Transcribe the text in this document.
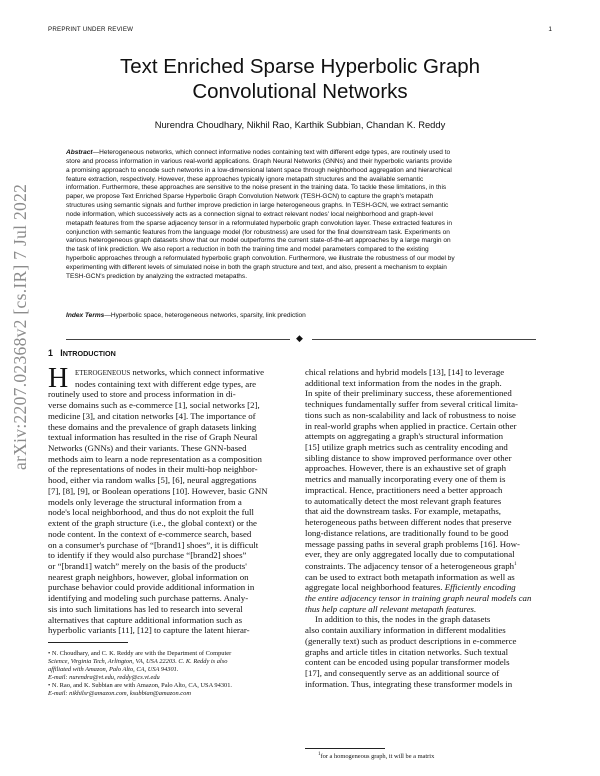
PREPRINT UNDER REVIEW	1
arXiv:2207.02368v2 [cs.IR] 7 Jul 2022
Text Enriched Sparse Hyperbolic Graph
Convolutional Networks
Nurendra Choudhary, Nikhil Rao, Karthik Subbian, Chandan K. Reddy
Abstract—Heterogeneous networks, which connect informative nodes containing text with different edge types, are routinely used to
store and process information in various real-world applications. Graph Neural Networks (GNNs) and their hyperbolic variants provide
a promising approach to encode such networks in a low-dimensional latent space through neighborhood aggregation and hierarchical
feature extraction, respectively. However, these approaches typically ignore metapath structures and the available semantic
information. Furthermore, these approaches are sensitive to the noise present in the training data. To tackle these limitations, in this
paper, we propose Text Enriched Sparse Hyperbolic Graph Convolution Network (TESH-GCN) to capture the graph's metapath
structures using semantic signals and further improve prediction in large heterogeneous graphs. In TESH-GCN, we extract semantic
node information, which successively acts as a connection signal to extract relevant nodes' local neighborhood and graph-level
metapath features from the sparse adjacency tensor in a reformulated hyperbolic graph convolution layer. These extracted features in
conjunction with semantic features from the language model (for robustness) are used for the final downstream task. Experiments on
various heterogeneous graph datasets show that our model outperforms the current state-of-the-art approaches by a large margin on
the task of link prediction. We also report a reduction in both the training time and model parameters compared to the existing
hyperbolic approaches through a reformulated hyperbolic graph convolution. Furthermore, we illustrate the robustness of our model by
experimenting with different levels of simulated noise in both the graph structure and text, and also, present a mechanism to explain
TESH-GCN's prediction by analyzing the extracted metapaths.
Index Terms—Hyperbolic space, heterogeneous networks, sparsity, link prediction
◆
1 INTRODUCTION
H ETEROGENEOUS networks, which connect informative
nodes containing text with different edge types, are
routinely used to store and process information in di-
verse domains such as e-commerce [1], social networks [2],
medicine [3], and citation networks [4]. The importance of
these domains and the prevalence of graph datasets linking
textual information has resulted in the rise of Graph Neural
Networks (GNNs) and their variants. These GNN-based
methods aim to learn a node representation as a composition
of the representations of nodes in their multi-hop neighbor-
hood, either via random walks [5], [6], neural aggregations
[7], [8], [9], or Boolean operations [10]. However, basic GNN
models only leverage the structural information from a
node's local neighborhood, and thus do not exploit the full
extent of the graph structure (i.e., the global context) or the
node content. In the context of e-commerce search, based
on a consumer's purchase of “[brand1] shoes”, it is difficult
to identify if they would also purchase “[brand2] shoes”
or “[brand1] watch” merely on the basis of the products'
nearest graph neighbors, however, global information on
purchase behavior could provide additional information in
identifying and modeling such purchase patterns. Analy-
sis into such limitations has led to research into several
alternatives that capture additional information such as
hyperbolic variants [11], [12] to capture the latent hierar-
chical relations and hybrid models [13], [14] to leverage
additional text information from the nodes in the graph.
In spite of their preliminary success, these aforementioned
techniques fundamentally suffer from several critical limita-
tions such as non-scalability and lack of robustness to noise
in real-world graphs when applied in practice. Certain other
attempts on aggregating a graph's structural information
[15] utilize graph metrics such as centrality encoding and
sibling distance to show improved performance over other
approaches. However, there is an exhaustive set of graph
metrics and manually incorporating every one of them is
impractical. Hence, practitioners need a better approach
to automatically detect the most relevant graph features
that aid the downstream tasks. For example, metapaths,
heterogeneous paths between different nodes that preserve
long-distance relations, are traditionally found to be good
message passing paths in several graph problems [16]. How-
ever, they are only aggregated locally due to computational
constraints. The adjacency tensor of a heterogeneous graph$^1$
can be used to extract both metapath information as well as
aggregate local neighborhood features. Efficiently encoding
the entire adjacency tensor in training graph neural models can
thus help capture all relevant metapath features.
In addition to this, the nodes in the graph datasets
also contain auxiliary information in different modalities
(generally text) such as product descriptions in e-commerce
graphs and article titles in citation networks. Such textual
content can be encoded using popular transformer models
[17], and consequently serve as an additional source of
information. Thus, integrating these transformer models in
• N. Choudhary, and C. K. Reddy are with the Department of Computer
Science, Virginia Tech, Arlington, VA, USA 22203. C. K. Reddy is also
affiliated with Amazon, Palo Alto, CA, USA 94301.
E-mail: nurendra@vt.edu, reddy@cs.vt.edu
• N. Rao, and K. Subbian are with Amazon, Palo Alto, CA, USA 94301.
E-mail: nikhilsr@amazon.com, ksubbian@amazon.com
$^1$for a homogeneous graph, it will be a matrix
